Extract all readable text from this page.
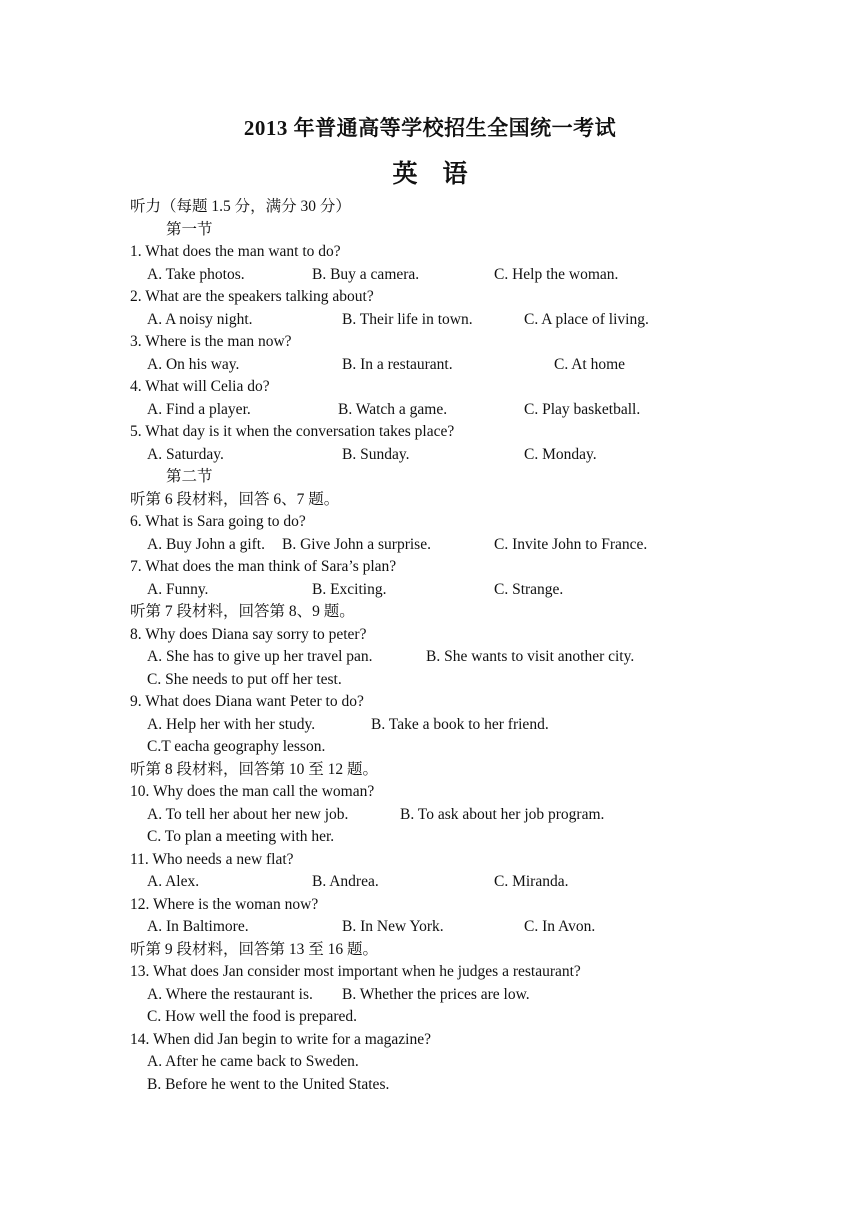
2013 年普通高等学校招生全国统一考试
英　语
听力（每题 1.5 分，满分 30 分）
第一节
1. What does the man want to do?
A. Take photos.	B. Buy a camera.	C. Help the woman.
2. What are the speakers talking about?
A. A noisy night.	B. Their life in town.	C. A place of living.
3. Where is the man now?
A. On his way.	B. In a restaurant.	C. At home
4. What will Celia do?
A. Find a player.	B. Watch a game.	C. Play basketball.
5. What day is it when the conversation takes place?
A. Saturday.	B. Sunday.	C. Monday.
第二节
听第 6 段材料，回答 6、7 题。
6. What is Sara going to do?
A. Buy John a gift. B. Give John a surprise.	C. Invite John to France.
7. What does the man think of Sara’s plan?
A. Funny.	B. Exciting.	C. Strange.
听第 7 段材料，回答第 8、9 题。
8. Why does Diana say sorry to peter?
A. She has to give up her travel pan.	B. She wants to visit another city.
C. She needs to put off her test.
9. What does Diana want Peter to do?
A. Help her with her study.	B. Take a book to her friend.
C.T eacha geography lesson.
听第 8 段材料，回答第 10 至 12 题。
10. Why does the man call the woman?
A. To tell her about her new job.	B. To ask about her job program.
C. To plan a meeting with her.
11. Who needs a new flat?
A. Alex.	B. Andrea.	C. Miranda.
12. Where is the woman now?
A. In Baltimore.	B. In New York.	C. In Avon.
听第 9 段材料，回答第 13 至 16 题。
13. What does Jan consider most important when he judges a restaurant?
A. Where the restaurant is. B. Whether the prices are low.
C. How well the food is prepared.
14. When did Jan begin to write for a magazine?
A. After he came back to Sweden.
B. Before he went to the United States.
